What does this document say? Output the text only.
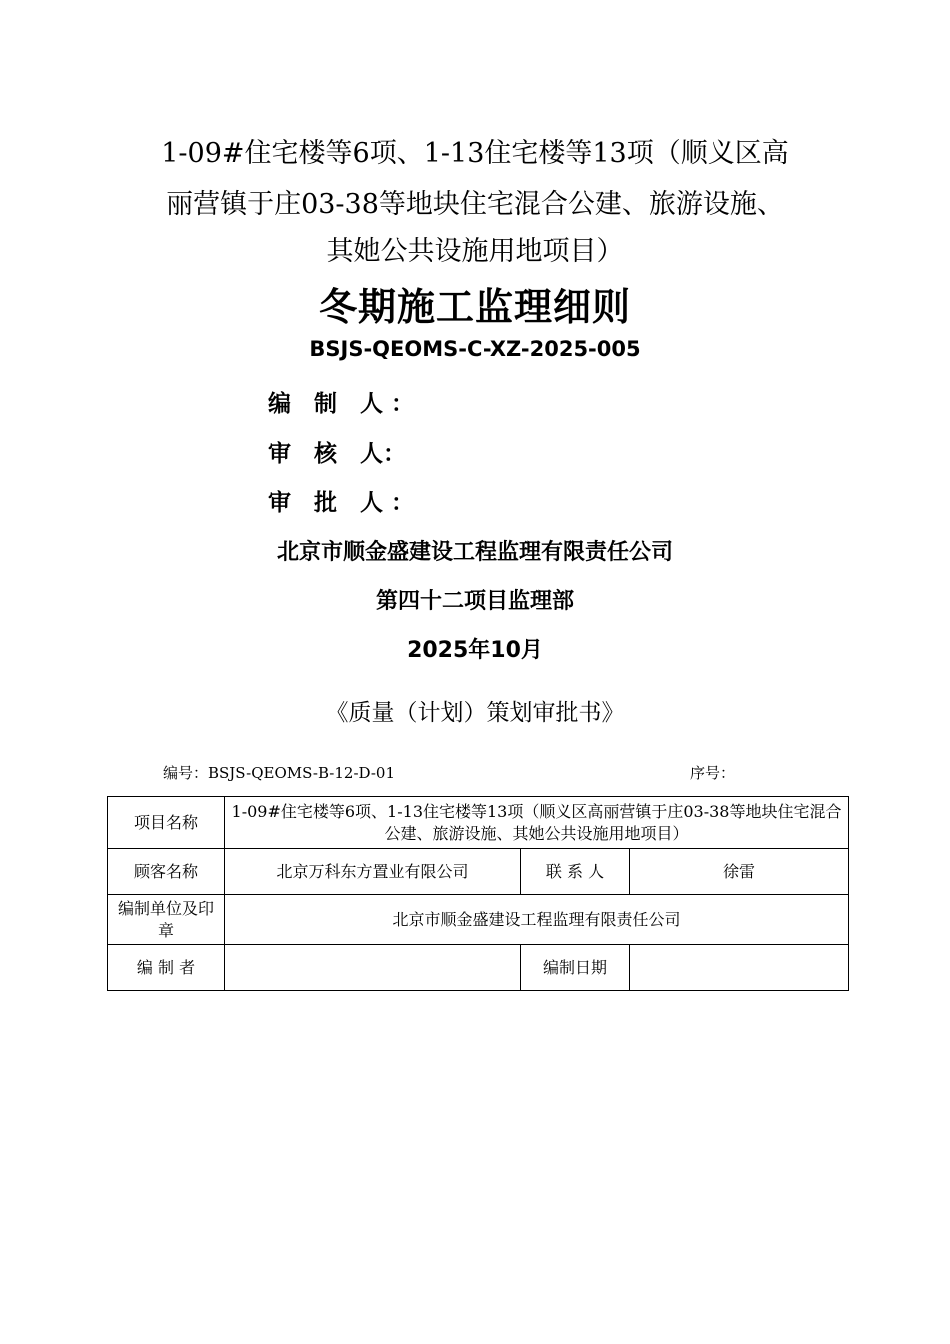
1-09#住宅楼等6项、1-13住宅楼等13项（顺义区高
丽营镇于庄03-38等地块住宅混合公建、旅游设施、
其她公共设施用地项目）
冬期施工监理细则
BSJS-QEOMS-C-XZ-2025-005
编　制　人 ：
审　核　人：
审　批　人 ：
北京市顺金盛建设工程监理有限责任公司
第四十二项目监理部
2025年10月
《质量（计划）策划审批书》
编号：BSJS-QEOMS-B-12-D-01	序号：
项目名称	1-09#住宅楼等6项、1-13住宅楼等13项（顺义区高丽营镇于庄03-38等地块住宅混合公建、旅游设施、其她公共设施用地项目）		
顾客名称	北京万科东方置业有限公司	联 系 人	徐雷
编制单位及印章	北京市顺金盛建设工程监理有限责任公司		
编 制 者		编制日期	
